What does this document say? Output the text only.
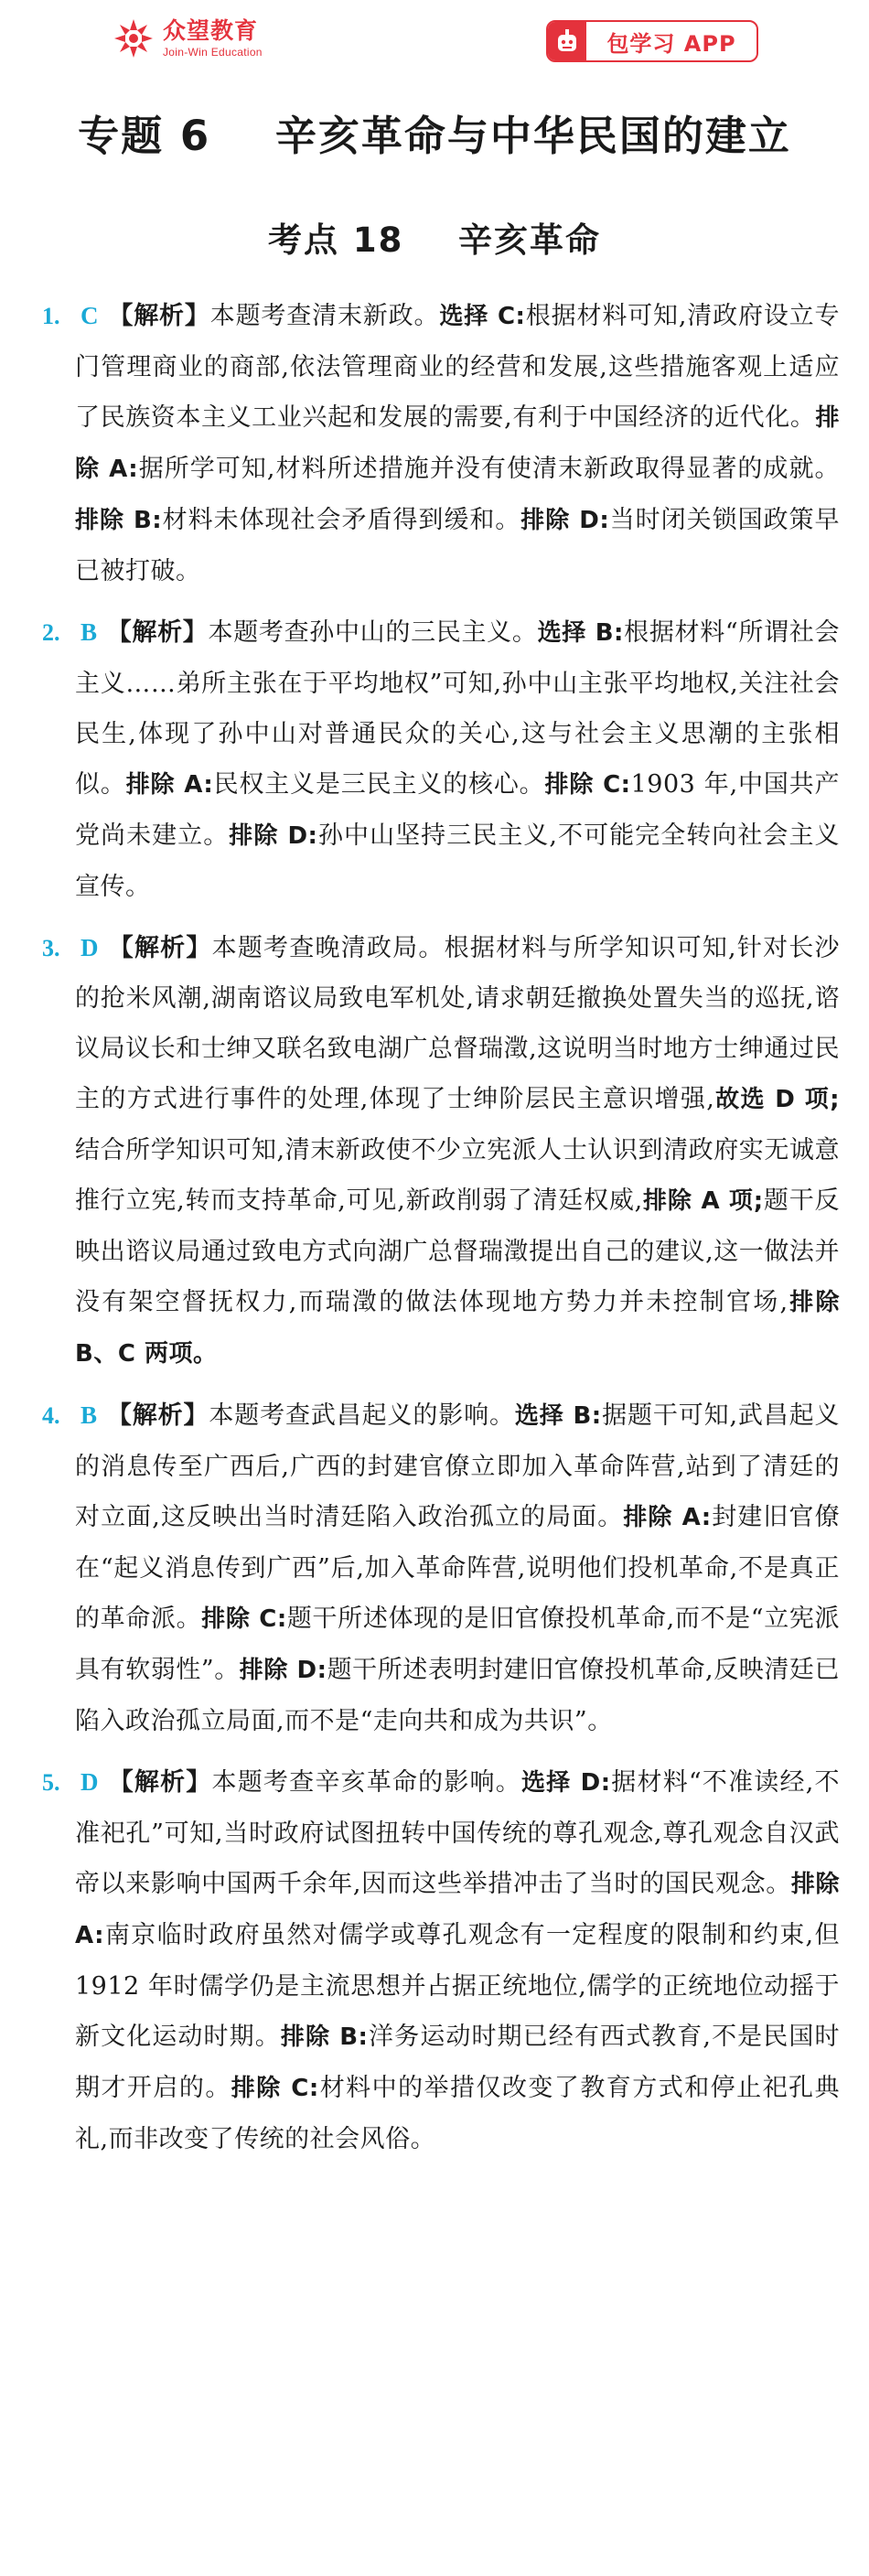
众望教育
Join-Win Education	包学习 APP
专题 6    辛亥革命与中华民国的建立
考点 18    辛亥革命
1. C 【解析】本题考查清末新政。选择 C:根据材料可知,清政府设立专门管理商业的商部,依法管理商业的经营和发展,这些措施客观上适应了民族资本主义工业兴起和发展的需要,有利于中国经济的近代化。排除 A:据所学可知,材料所述措施并没有使清末新政取得显著的成就。排除 B:材料未体现社会矛盾得到缓和。排除 D:当时闭关锁国政策早已被打破。

2. B 【解析】本题考查孙中山的三民主义。选择 B:根据材料“所谓社会主义……弟所主张在于平均地权”可知,孙中山主张平均地权,关注社会民生,体现了孙中山对普通民众的关心,这与社会主义思潮的主张相似。排除 A:民权主义是三民主义的核心。排除 C:1903 年,中国共产党尚未建立。排除 D:孙中山坚持三民主义,不可能完全转向社会主义宣传。

3. D 【解析】本题考查晚清政局。根据材料与所学知识可知,针对长沙的抢米风潮,湖南谘议局致电军机处,请求朝廷撤换处置失当的巡抚,谘议局议长和士绅又联名致电湖广总督瑞澂,这说明当时地方士绅通过民主的方式进行事件的处理,体现了士绅阶层民主意识增强,故选 D 项;结合所学知识可知,清末新政使不少立宪派人士认识到清政府实无诚意推行立宪,转而支持革命,可见,新政削弱了清廷权威,排除 A 项;题干反映出谘议局通过致电方式向湖广总督瑞澂提出自己的建议,这一做法并没有架空督抚权力,而瑞澂的做法体现地方势力并未控制官场,排除 B、C 两项。

4. B 【解析】本题考查武昌起义的影响。选择 B:据题干可知,武昌起义的消息传至广西后,广西的封建官僚立即加入革命阵营,站到了清廷的对立面,这反映出当时清廷陷入政治孤立的局面。排除 A:封建旧官僚在“起义消息传到广西”后,加入革命阵营,说明他们投机革命,不是真正的革命派。排除 C:题干所述体现的是旧官僚投机革命,而不是“立宪派具有软弱性”。排除 D:题干所述表明封建旧官僚投机革命,反映清廷已陷入政治孤立局面,而不是“走向共和成为共识”。

5. D 【解析】本题考查辛亥革命的影响。选择 D:据材料“不准读经,不准祀孔”可知,当时政府试图扭转中国传统的尊孔观念,尊孔观念自汉武帝以来影响中国两千余年,因而这些举措冲击了当时的国民观念。排除 A:南京临时政府虽然对儒学或尊孔观念有一定程度的限制和约束,但 1912 年时儒学仍是主流思想并占据正统地位,儒学的正统地位动摇于新文化运动时期。排除 B:洋务运动时期已经有西式教育,不是民国时期才开启的。排除 C:材料中的举措仅改变了教育方式和停止祀孔典礼,而非改变了传统的社会风俗。
